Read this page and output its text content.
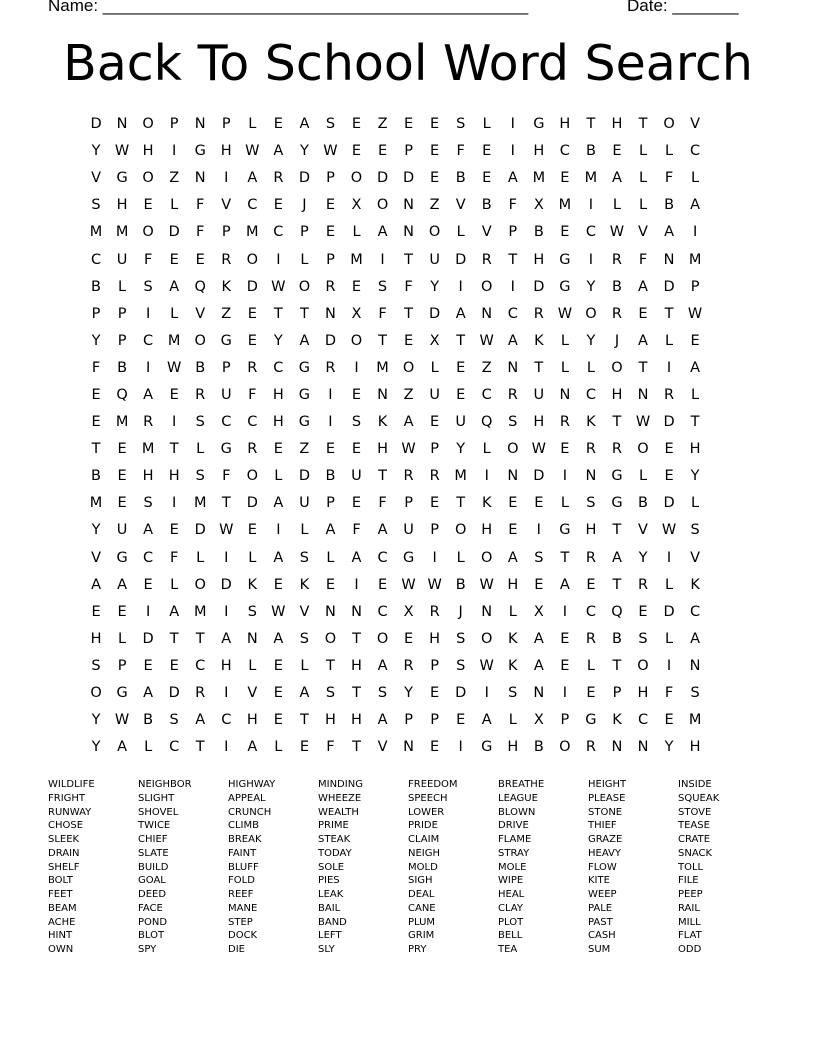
Name: _____________________________________________	Date: _______
Back To School Word Search
D	N	O	P	N	P	L	E	A	S	E	Z	E	E	S	L	I	G	H	T	H	T	O	V
Y W H	I	G	H W A	Y W E	E	P	E	F	E	I	H	C	B	E	L	L	C
V	G	O	Z	N	I	A	R	D	P	O	D	D	E	B	E	A	M	E	M	A	L	F	L
S	H	E	L	F	V	C	E	J	E	X	O	N	Z	V	B	F	X	M	I	L	L	B	A
M M O	D	F	P	M	C	P	E	L	A	N	O	L	V	P	B	E	C W V	A	I
C	U	F	E	E	R	O	I	L	P	M	I	T	U	D	R	T	H	G	I	R	F	N M
B	L	S	A	Q	K	D W O	R	E	S	F	Y	I	O	I	D	G	Y	B	A	D	P
P	P	I	L	V	Z	E	T	T	N	X	F	T	D	A	N	C	R W O	R	E	T W
Y	P	C	M O	G	E	Y	A	D	O	T	E	X	T W A	K	L	Y	J	A	L	E
F	B	I	W B	P	R	C	G	R	I	M O	L	E	Z	N	T	L	L	O	T	I	A
E	Q	A	E	R	U	F	H	G	I	E	N	Z	U	E	C	R	U	N	C	H	N	R	L
E	M	R	I	S	C	C	H	G	I	S	K	A	E	U	Q	S	H	R	K	T W D	T
T	E	M	T	L	G	R	E	Z	E	E	H W	P	Y	L	O W E	R	R	O	E	H
B	E	H	H	S	F	O	L	D	B	U	T	R	R	M	I	N	D	I	N	G	L	E	Y
M	E	S	I	M	T	D	A	U	P	E	F	P	E	T	K	E	E	L	S	G	B	D	L
Y	U	A	E	D W E	I	L	A	F	A	U	P	O	H	E	I	G	H	T	V W S
V	G	C	F	L	I	L	A	S	L	A	C	G	I	L	O	A	S	T	R	A	Y	I	V
A	A	E	L	O	D	K	E	K	E	I	E W W B W H	E	A	E	T	R	L	K
E	E	I	A	M	I	S W V	N	N	C	X	R	J	N	L	X	I	C	Q	E	D	C
H	L	D	T	T	A	N	A	S	O	T	O	E	H	S	O	K	A	E	R	B	S	L	A
S	P	E	E	C	H	L	E	L	T	H	A	R	P	S W K	A	E	L	T	O	I	N
O	G	A	D	R	I	V	E	A	S	T	S	Y	E	D	I	S	N	I	E	P	H	F	S
Y W B	S	A	C	H	E	T	H	H	A	P	P	E	A	L	X	P	G	K	C	E	M
Y	A	L	C	T	I	A	L	E	F	T	V	N	E	I	G	H	B	O	R	N	N	Y	H
WILDLIFE
FRIGHT
RUNWAY
CHOSE
SLEEK
DRAIN
SHELF
BOLT
FEET
BEAM
ACHE
HINT
OWN
NEIGHBOR
SLIGHT
SHOVEL
TWICE
CHIEF
SLATE
BUILD
GOAL
DEED
FACE
POND
BLOT
SPY
HIGHWAY
APPEAL
CRUNCH
CLIMB
BREAK
FAINT
BLUFF
FOLD
REEF
MANE
STEP
DOCK
DIE
MINDING
WHEEZE
WEALTH
PRIME
STEAK
TODAY
SOLE
PIES
LEAK
BAIL
BAND
LEFT
SLY
FREEDOM
SPEECH
LOWER
PRIDE
CLAIM
NEIGH
MOLD
SIGH
DEAL
CANE
PLUM
GRIM
PRY
BREATHE
LEAGUE
BLOWN
DRIVE
FLAME
STRAY
MOLE
WIPE
HEAL
CLAY
PLOT
BELL
TEA
HEIGHT
PLEASE
STONE
THIEF
GRAZE
HEAVY
FLOW
KITE
WEEP
PALE
PAST
CASH
SUM
INSIDE
SQUEAK
STOVE
TEASE
CRATE
SNACK
TOLL
FILE
PEEP
RAIL
MILL
FLAT
ODD
